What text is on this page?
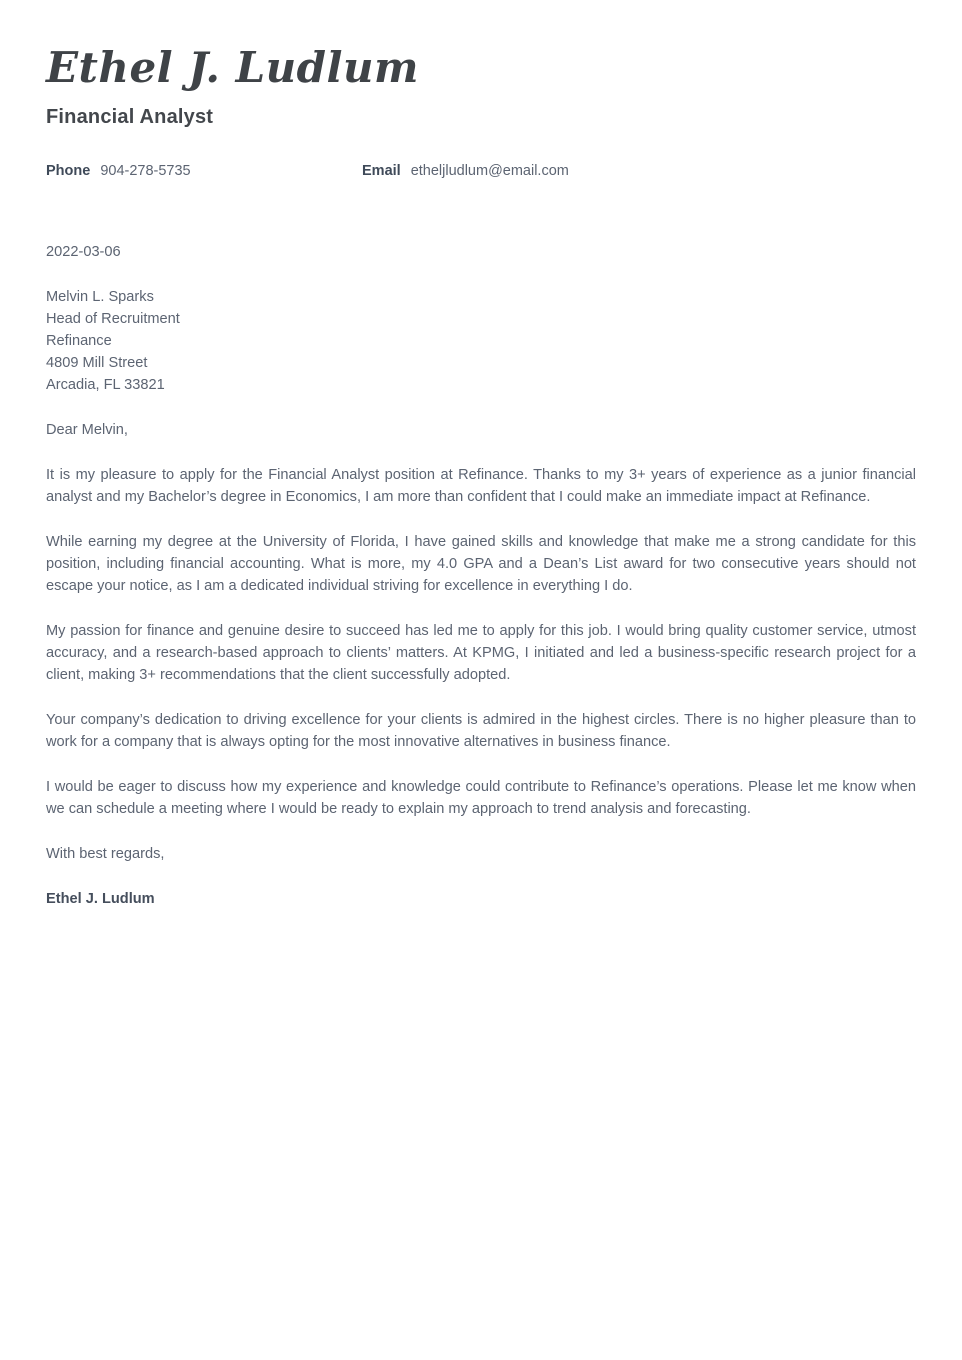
Ethel J. Ludlum
Financial Analyst
Phone 904-278-5735	Email etheljludlum@email.com

2022-03-06

Melvin L. Sparks
Head of Recruitment
Refinance
4809 Mill Street
Arcadia, FL 33821

Dear Melvin,

It is my pleasure to apply for the Financial Analyst position at Refinance. Thanks to my 3+ years of experience as a junior financial analyst and my Bachelor’s degree in Economics, I am more than confident that I could make an immediate impact at Refinance.

While earning my degree at the University of Florida, I have gained skills and knowledge that make me a strong candidate for this position, including financial accounting. What is more, my 4.0 GPA and a Dean’s List award for two consecutive years should not escape your notice, as I am a dedicated individual striving for excellence in everything I do.

My passion for finance and genuine desire to succeed has led me to apply for this job. I would bring quality customer service, utmost accuracy, and a research-based approach to clients’ matters. At KPMG, I initiated and led a business-specific research project for a client, making 3+ recommendations that the client successfully adopted.

Your company’s dedication to driving excellence for your clients is admired in the highest circles. There is no higher pleasure than to work for a company that is always opting for the most innovative alternatives in business finance.

I would be eager to discuss how my experience and knowledge could contribute to Refinance’s operations. Please let me know when we can schedule a meeting where I would be ready to explain my approach to trend analysis and forecasting.

With best regards,

Ethel J. Ludlum
